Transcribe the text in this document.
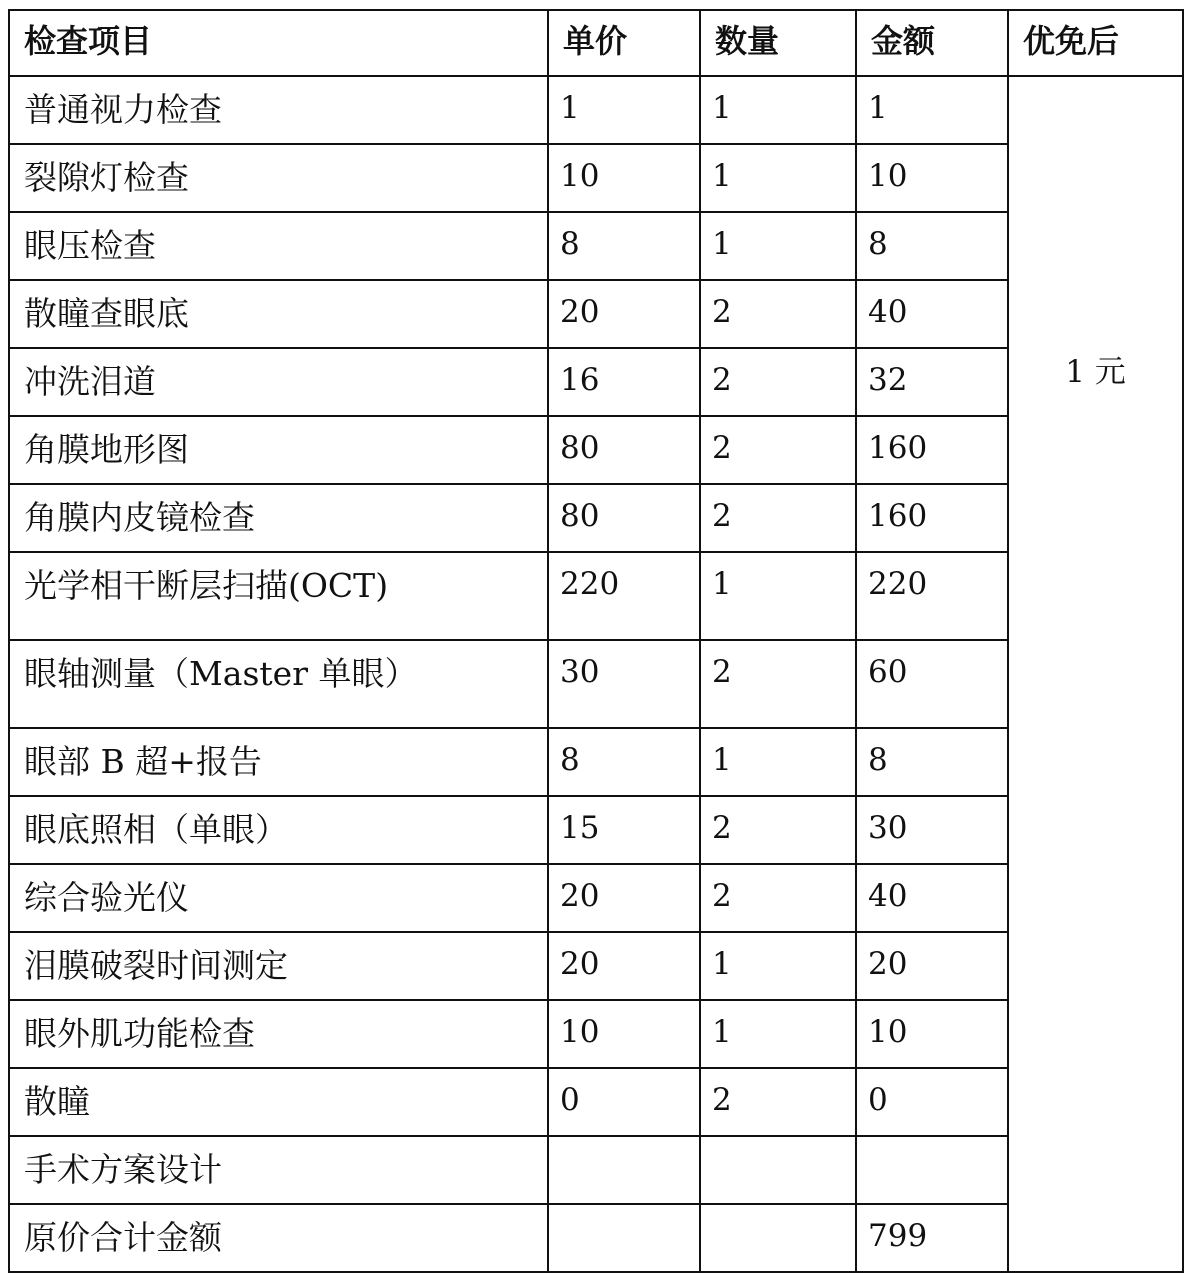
检查项目	单价	数量	金额	优免后
普通视力检查	1	1	1	1 元
裂隙灯检查	10	1	10	
眼压检查	8	1	8	
散瞳查眼底	20	2	40	
冲洗泪道	16	2	32	
角膜地形图	80	2	160	
角膜内皮镜检查	80	2	160	
光学相干断层扫描(OCT)	220	1	220	
眼轴测量（Master 单眼）	30	2	60	
眼部 B 超+报告	8	1	8	
眼底照相（单眼）	15	2	30	
综合验光仪	20	2	40	
泪膜破裂时间测定	20	1	20	
眼外肌功能检查	10	1	10	
散瞳	0	2	0	
手术方案设计				
原价合计金额			799	
